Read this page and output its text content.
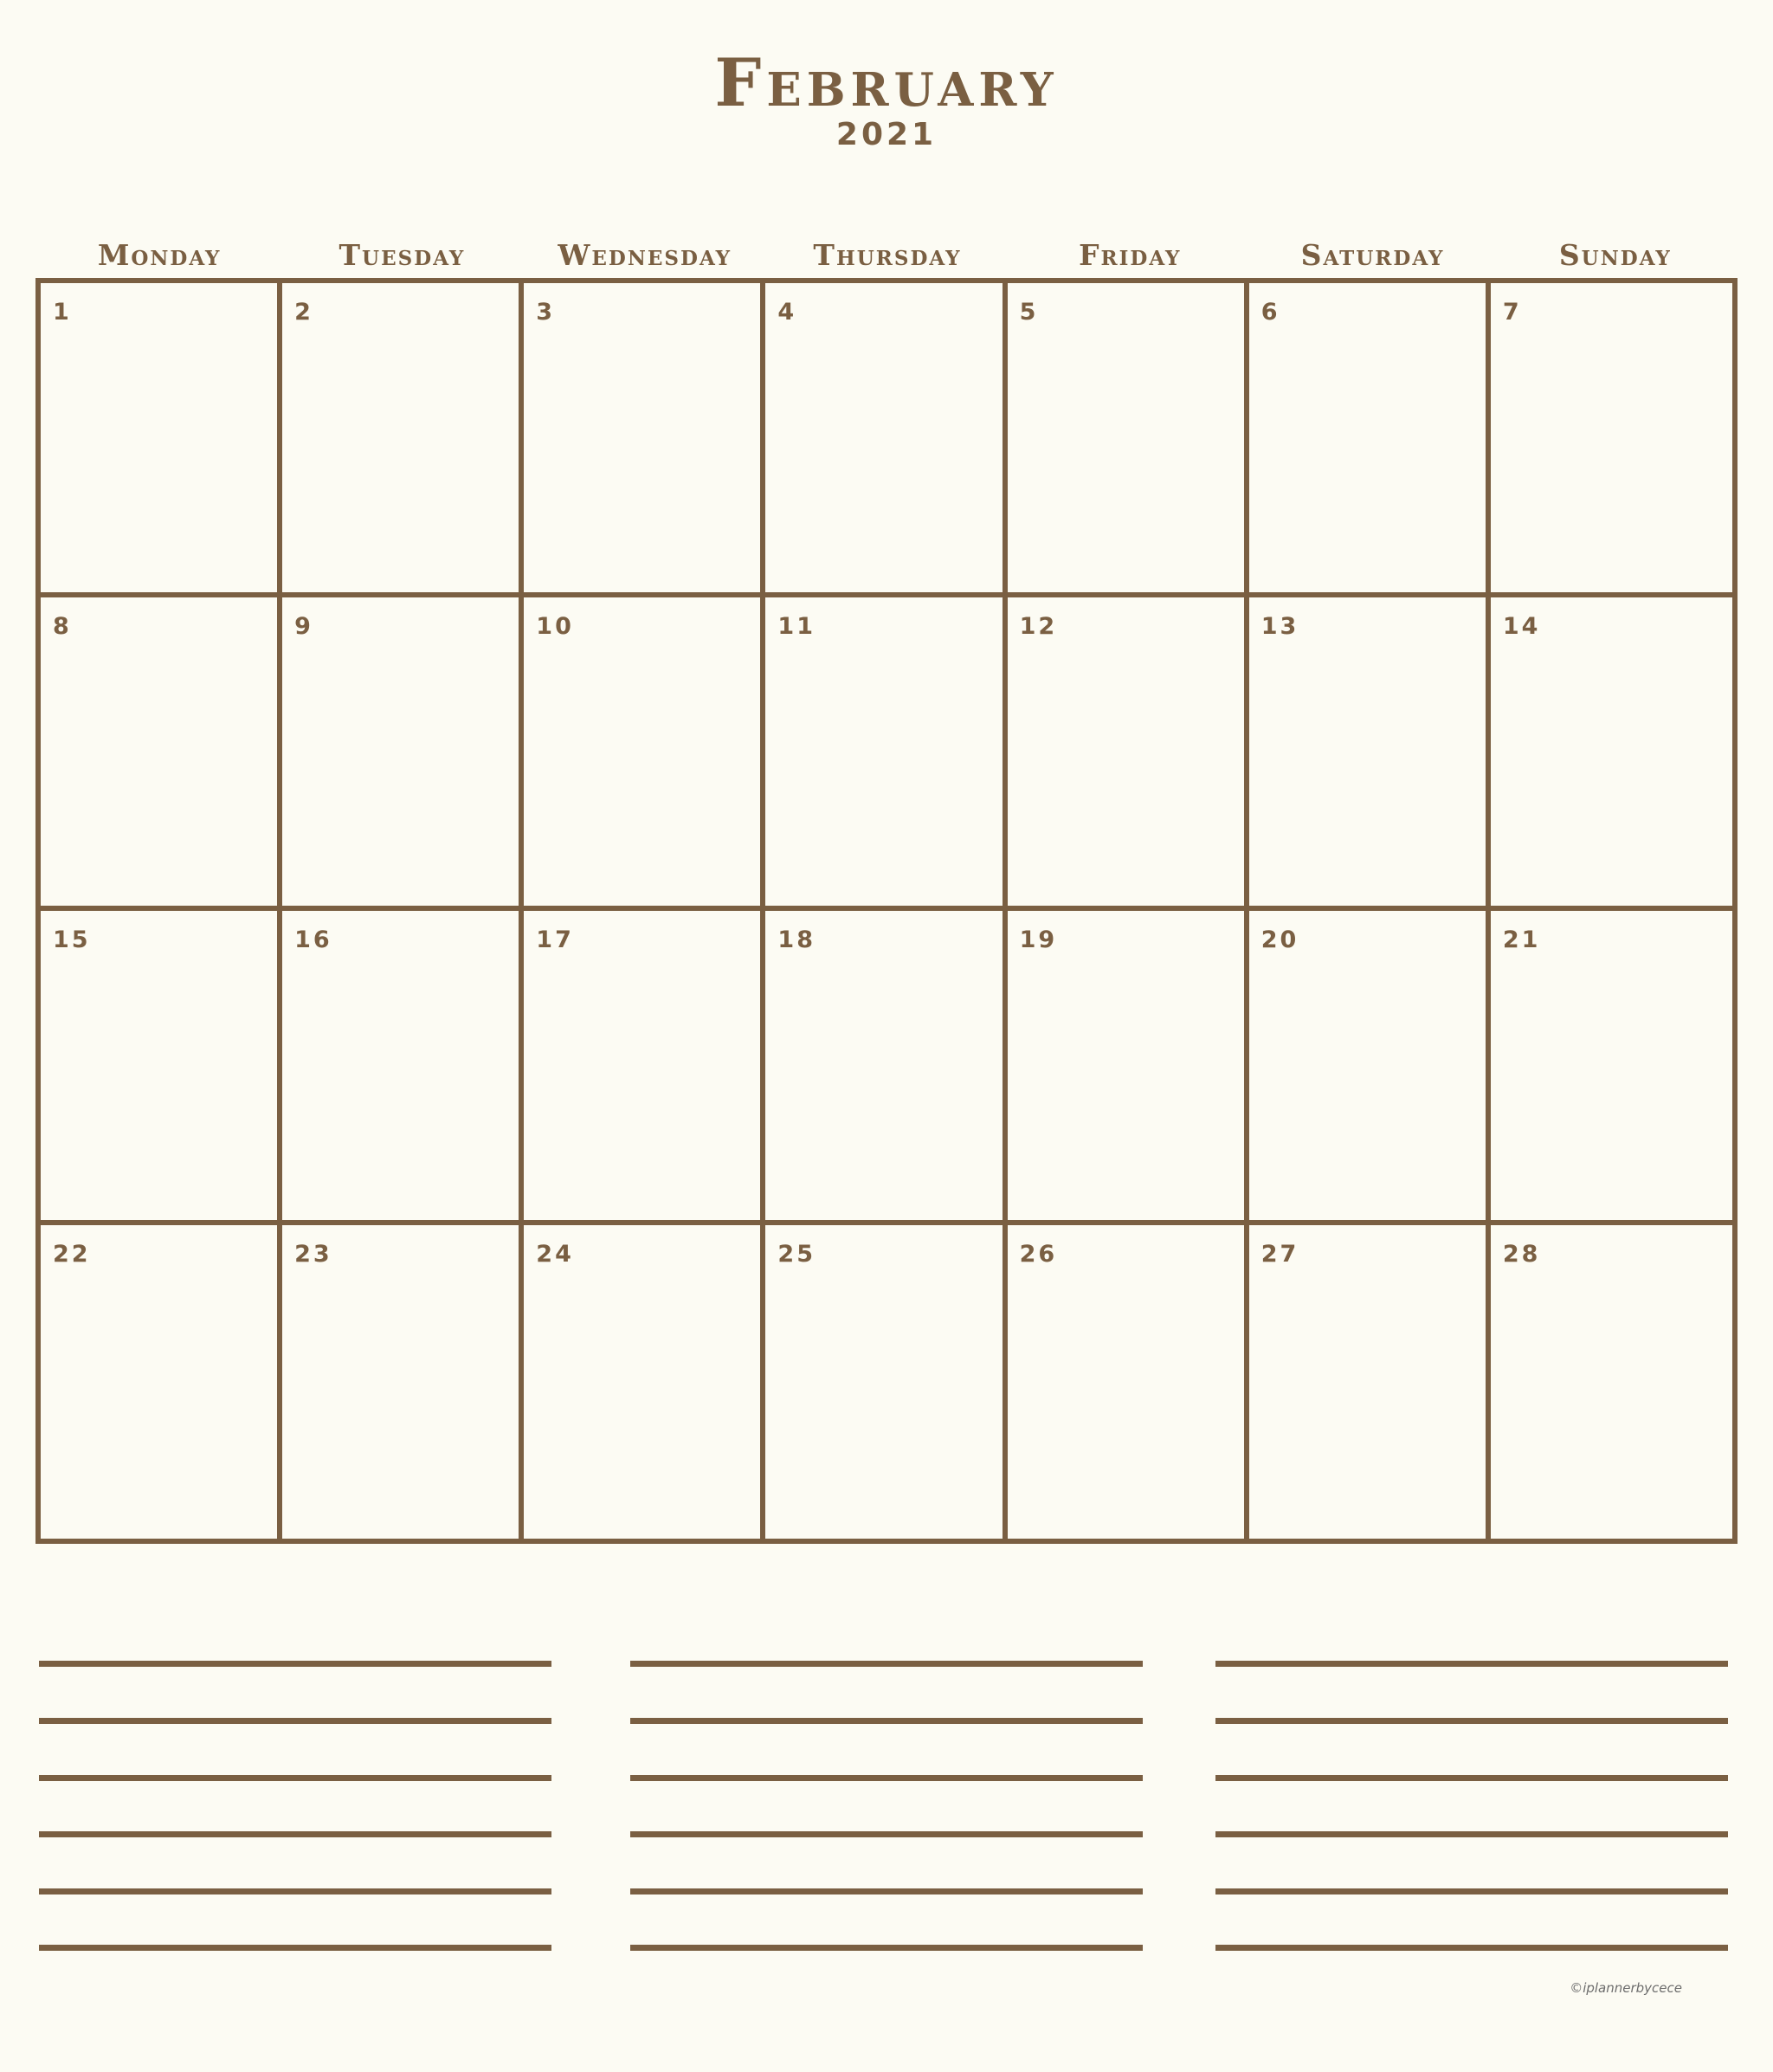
February
2021
Monday	Tuesday	Wednesday	Thursday	Friday	Saturday	Sunday
1	2	3	4	5	6	7
8	9	10	11	12	13	14
15	16	17	18	19	20	21
22	23	24	25	26	27	28
©iplannerbycece
